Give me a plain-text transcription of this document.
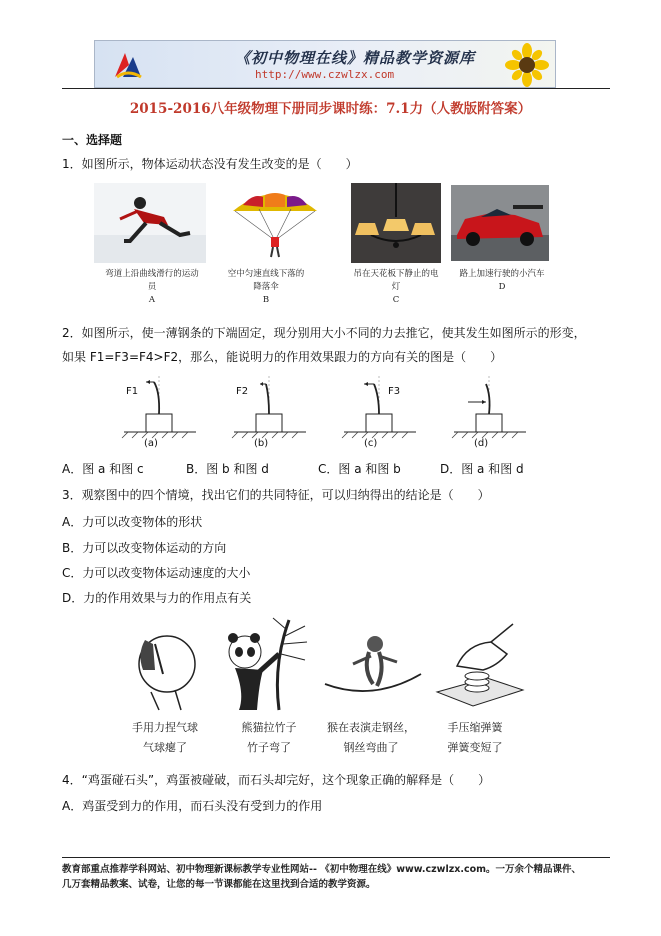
《初中物理在线》精品教学资源库
http://www.czwlzx.com
2015-2016八年级物理下册同步课时练：7.1力（人教版附答案）
一、选择题
1．如图所示，物体运动状态没有发生改变的是（　　）
弯道上沿曲线滑行的运动员
A
空中匀速直线下落的降落伞
B
吊在天花板下静止的电灯
C
路上加速行驶的小汽车
D
2．如图所示，使一薄钢条的下端固定，现分别用大小不同的力去推它，使其发生如图所示的形变，
如果 F1=F3=F4>F2，那么，能说明力的作用效果跟力的方向有关的图是（　　）
F1
(a)
F2
(b)
F3
(c)	(d)
A．图 a 和图 c	B．图 b 和图 d	C．图 a 和图 b	D．图 a 和图 d
3．观察图中的四个情境，找出它们的共同特征，可以归纳得出的结论是（　　）
A．力可以改变物体的形状
B．力可以改变物体运动的方向
C．力可以改变物体运动速度的大小
D．力的作用效果与力的作用点有关
手用力捏气球
气球瘪了
熊猫拉竹子
竹子弯了
猴在表演走钢丝，
钢丝弯曲了
手压缩弹簧
弹簧变短了
4．“鸡蛋碰石头”，鸡蛋被碰破，而石头却完好，这个现象正确的解释是（　　）
A．鸡蛋受到力的作用，而石头没有受到力的作用
教育部重点推荐学科网站、初中物理新课标教学专业性网站-- 《初中物理在线》www.czwlzx.com。一万余个精品课件、
几万套精品教案、试卷，让您的每一节课都能在这里找到合适的教学资源。
